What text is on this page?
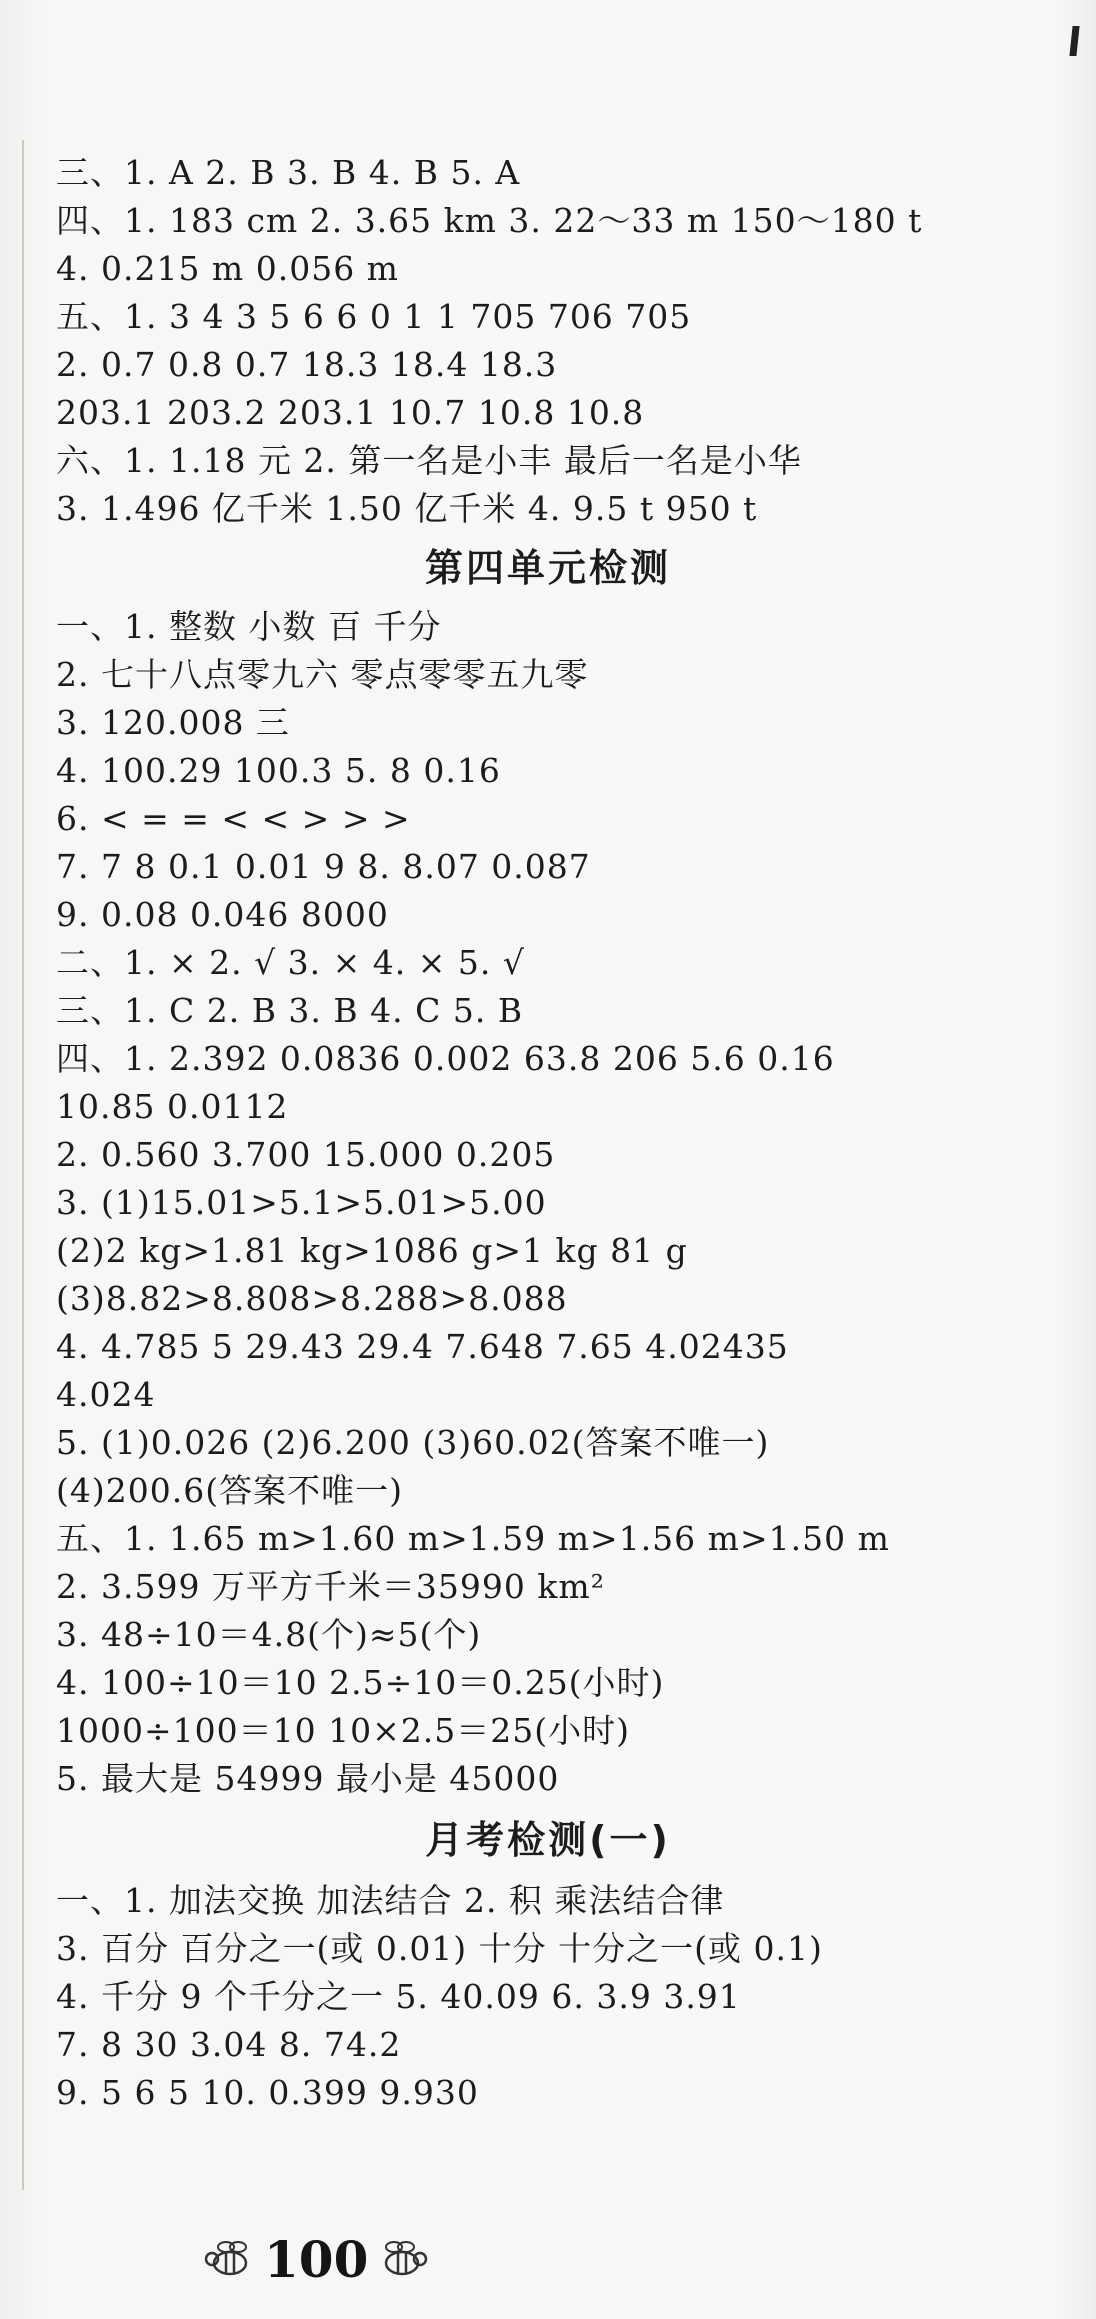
三、1. A 2. B 3. B 4. B 5. A
四、1. 183 cm 2. 3.65 km 3. 22～33 m 150～180 t
4. 0.215 m 0.056 m
五、1. 3 4 3 5 6 6 0 1 1 705 706 705
2. 0.7 0.8 0.7 18.3 18.4 18.3
203.1 203.2 203.1 10.7 10.8 10.8
六、1. 1.18 元 2. 第一名是小丰 最后一名是小华
3. 1.496 亿千米 1.50 亿千米 4. 9.5 t 950 t
第四单元检测
一、1. 整数 小数 百 千分
2. 七十八点零九六 零点零零五九零
3. 120.008 三
4. 100.29 100.3 5. 8 0.16
6. < = = < < > > >
7. 7 8 0.1 0.01 9 8. 8.07 0.087
9. 0.08 0.046 8000
二、1. × 2. √ 3. × 4. × 5. √
三、1. C 2. B 3. B 4. C 5. B
四、1. 2.392 0.0836 0.002 63.8 206 5.6 0.16
10.85 0.0112
2. 0.560 3.700 15.000 0.205
3. (1)15.01>5.1>5.01>5.00
(2)2 kg>1.81 kg>1086 g>1 kg 81 g
(3)8.82>8.808>8.288>8.088
4. 4.785 5 29.43 29.4 7.648 7.65 4.02435
4.024
5. (1)0.026 (2)6.200 (3)60.02(答案不唯一)
(4)200.6(答案不唯一)
五、1. 1.65 m>1.60 m>1.59 m>1.56 m>1.50 m
2. 3.599 万平方千米＝35990 km²
3. 48÷10＝4.8(个)≈5(个)
4. 100÷10＝10 2.5÷10＝0.25(小时)
1000÷100＝10 10×2.5＝25(小时)
5. 最大是 54999 最小是 45000
月考检测(一)
一、1. 加法交换 加法结合 2. 积 乘法结合律
3. 百分 百分之一(或 0.01) 十分 十分之一(或 0.1)
4. 千分 9 个千分之一 5. 40.09 6. 3.9 3.91
7. 8 30 3.04 8. 74.2
9. 5 6 5 10. 0.399 9.930
100
